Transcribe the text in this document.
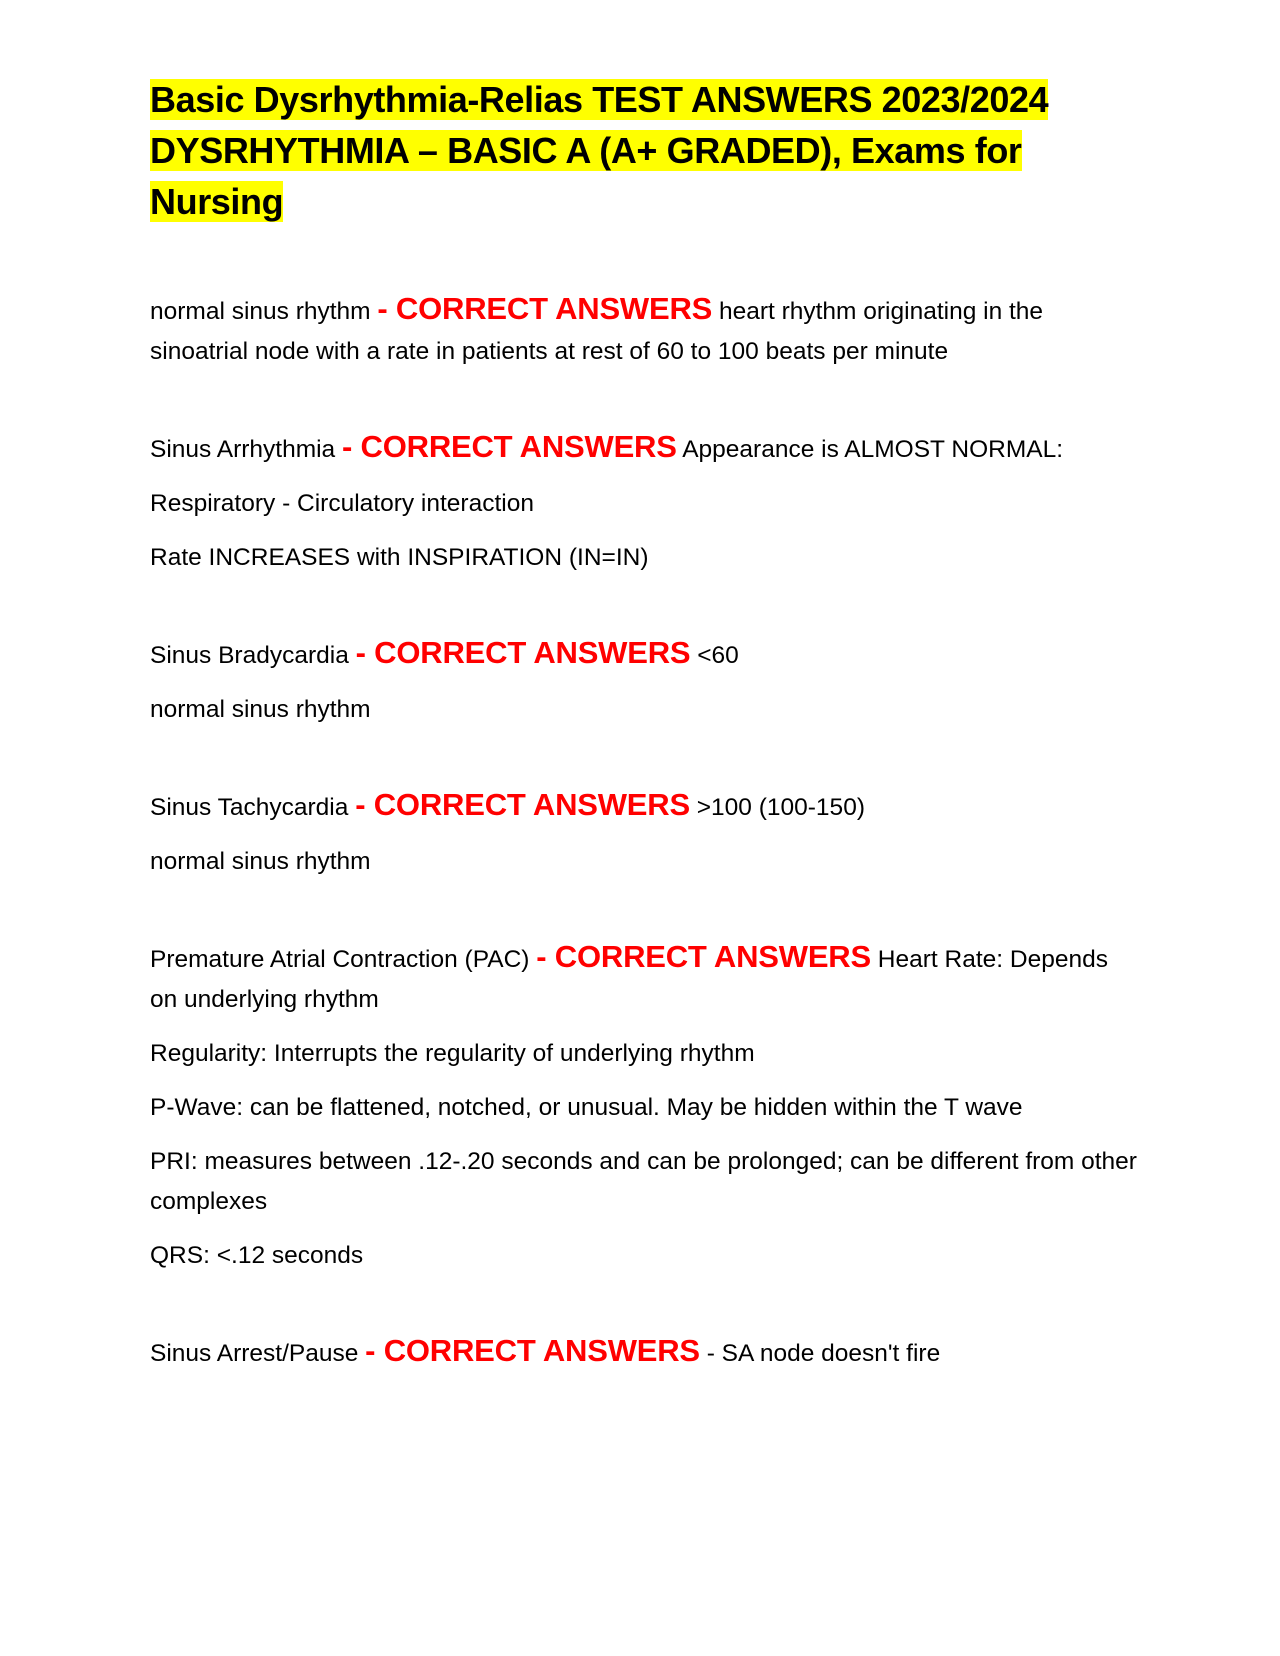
Basic Dysrhythmia-Relias TEST ANSWERS 2023/2024
DYSRHYTHMIA – BASIC A (A+ GRADED), Exams for
Nursing

normal sinus rhythm - CORRECT ANSWERS heart rhythm originating in the sinoatrial node with a rate in patients at rest of 60 to 100 beats per minute

Sinus Arrhythmia - CORRECT ANSWERS Appearance is ALMOST NORMAL:

Respiratory - Circulatory interaction

Rate INCREASES with INSPIRATION (IN=IN)

Sinus Bradycardia - CORRECT ANSWERS <60

normal sinus rhythm

Sinus Tachycardia - CORRECT ANSWERS >100 (100-150)

normal sinus rhythm

Premature Atrial Contraction (PAC) - CORRECT ANSWERS Heart Rate: Depends on underlying rhythm

Regularity: Interrupts the regularity of underlying rhythm

P-Wave: can be flattened, notched, or unusual. May be hidden within the T wave

PRI: measures between .12-.20 seconds and can be prolonged; can be different from other complexes

QRS: <.12 seconds

Sinus Arrest/Pause - CORRECT ANSWERS - SA node doesn't fire
